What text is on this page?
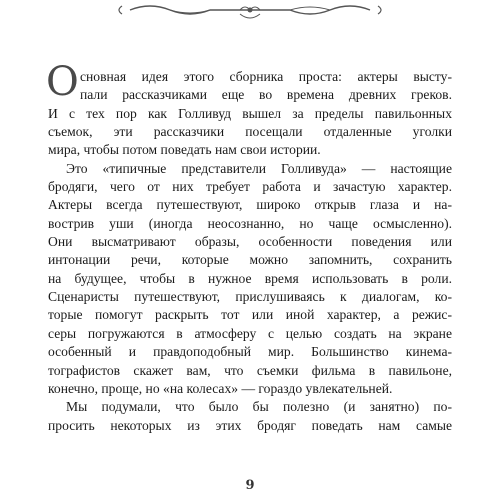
О сновная идея этого сборника проста: актеры высту-
пали рассказчиками еще во времена древних греков.
И с тех пор как Голливуд вышел за пределы павильонных
съемок, эти рассказчики посещали отдаленные уголки
мира, чтобы потом поведать нам свои истории.
Это «типичные представители Голливуда» — настоящие
бродяги, чего от них требует работа и зачастую характер.
Актеры всегда путешествуют, широко открыв глаза и на-
вострив уши (иногда неосознанно, но чаще осмысленно).
Они высматривают образы, особенности поведения или
интонации речи, которые можно запомнить, сохранить
на будущее, чтобы в нужное время использовать в роли.
Сценаристы путешествуют, прислушиваясь к диалогам, ко-
торые помогут раскрыть тот или иной характер, а режис-
серы погружаются в атмосферу с целью создать на экране
особенный и правдоподобный мир. Большинство кинема-
тографистов скажет вам, что съемки фильма в павильоне,
конечно, проще, но «на колесах» — гораздо увлекательней.
Мы подумали, что было бы полезно (и занятно) по-
просить некоторых из этих бродяг поведать нам самые
9
